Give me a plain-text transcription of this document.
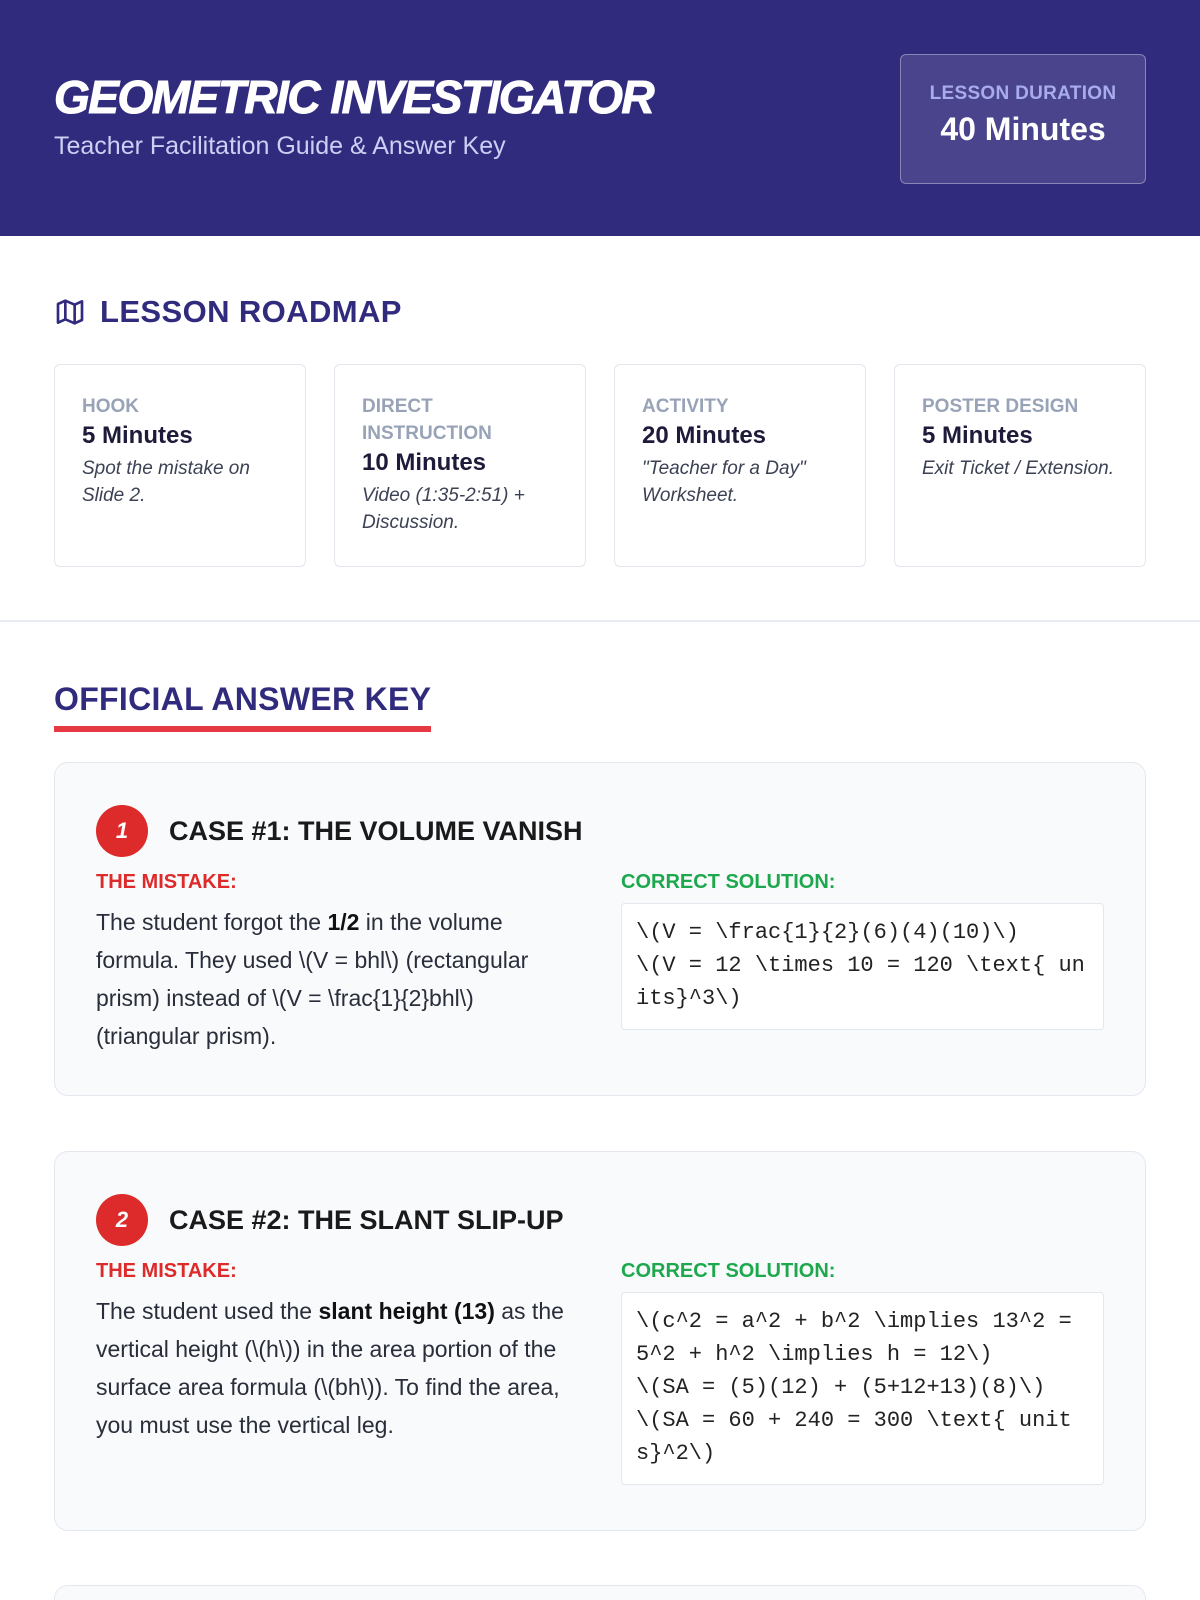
GEOMETRIC INVESTIGATOR
Teacher Facilitation Guide & Answer Key
LESSON DURATION
40 Minutes
LESSON ROADMAP
HOOK
5 Minutes
Spot the mistake on Slide 2.
DIRECT INSTRUCTION
10 Minutes
Video (1:35-2:51) + Discussion.
ACTIVITY
20 Minutes
"Teacher for a Day" Worksheet.
POSTER DESIGN
5 Minutes
Exit Ticket / Extension.
OFFICIAL ANSWER KEY
1	CASE #1: THE VOLUME VANISH
THE MISTAKE:
The student forgot the 1/2 in the volume formula. They used \(V = bhl\) (rectangular prism) instead of \(V = \frac{1}{2}bhl\) (triangular prism).
CORRECT SOLUTION:
\(V = \frac{1}{2}(6)(4)(10)\)
\(V = 12 \times 10 = 120 \text{ units}^3\)
2	CASE #2: THE SLANT SLIP-UP
THE MISTAKE:
The student used the slant height (13) as the vertical height (\(h\)) in the area portion of the surface area formula (\(bh\)). To find the area, you must use the vertical leg.
CORRECT SOLUTION:
\(c^2 = a^2 + b^2 \implies 13^2 = 5^2 + h^2 \implies h = 12\)
\(SA = (5)(12) + (5+12+13)(8)\)
\(SA = 60 + 240 = 300 \text{ units}^2\)
